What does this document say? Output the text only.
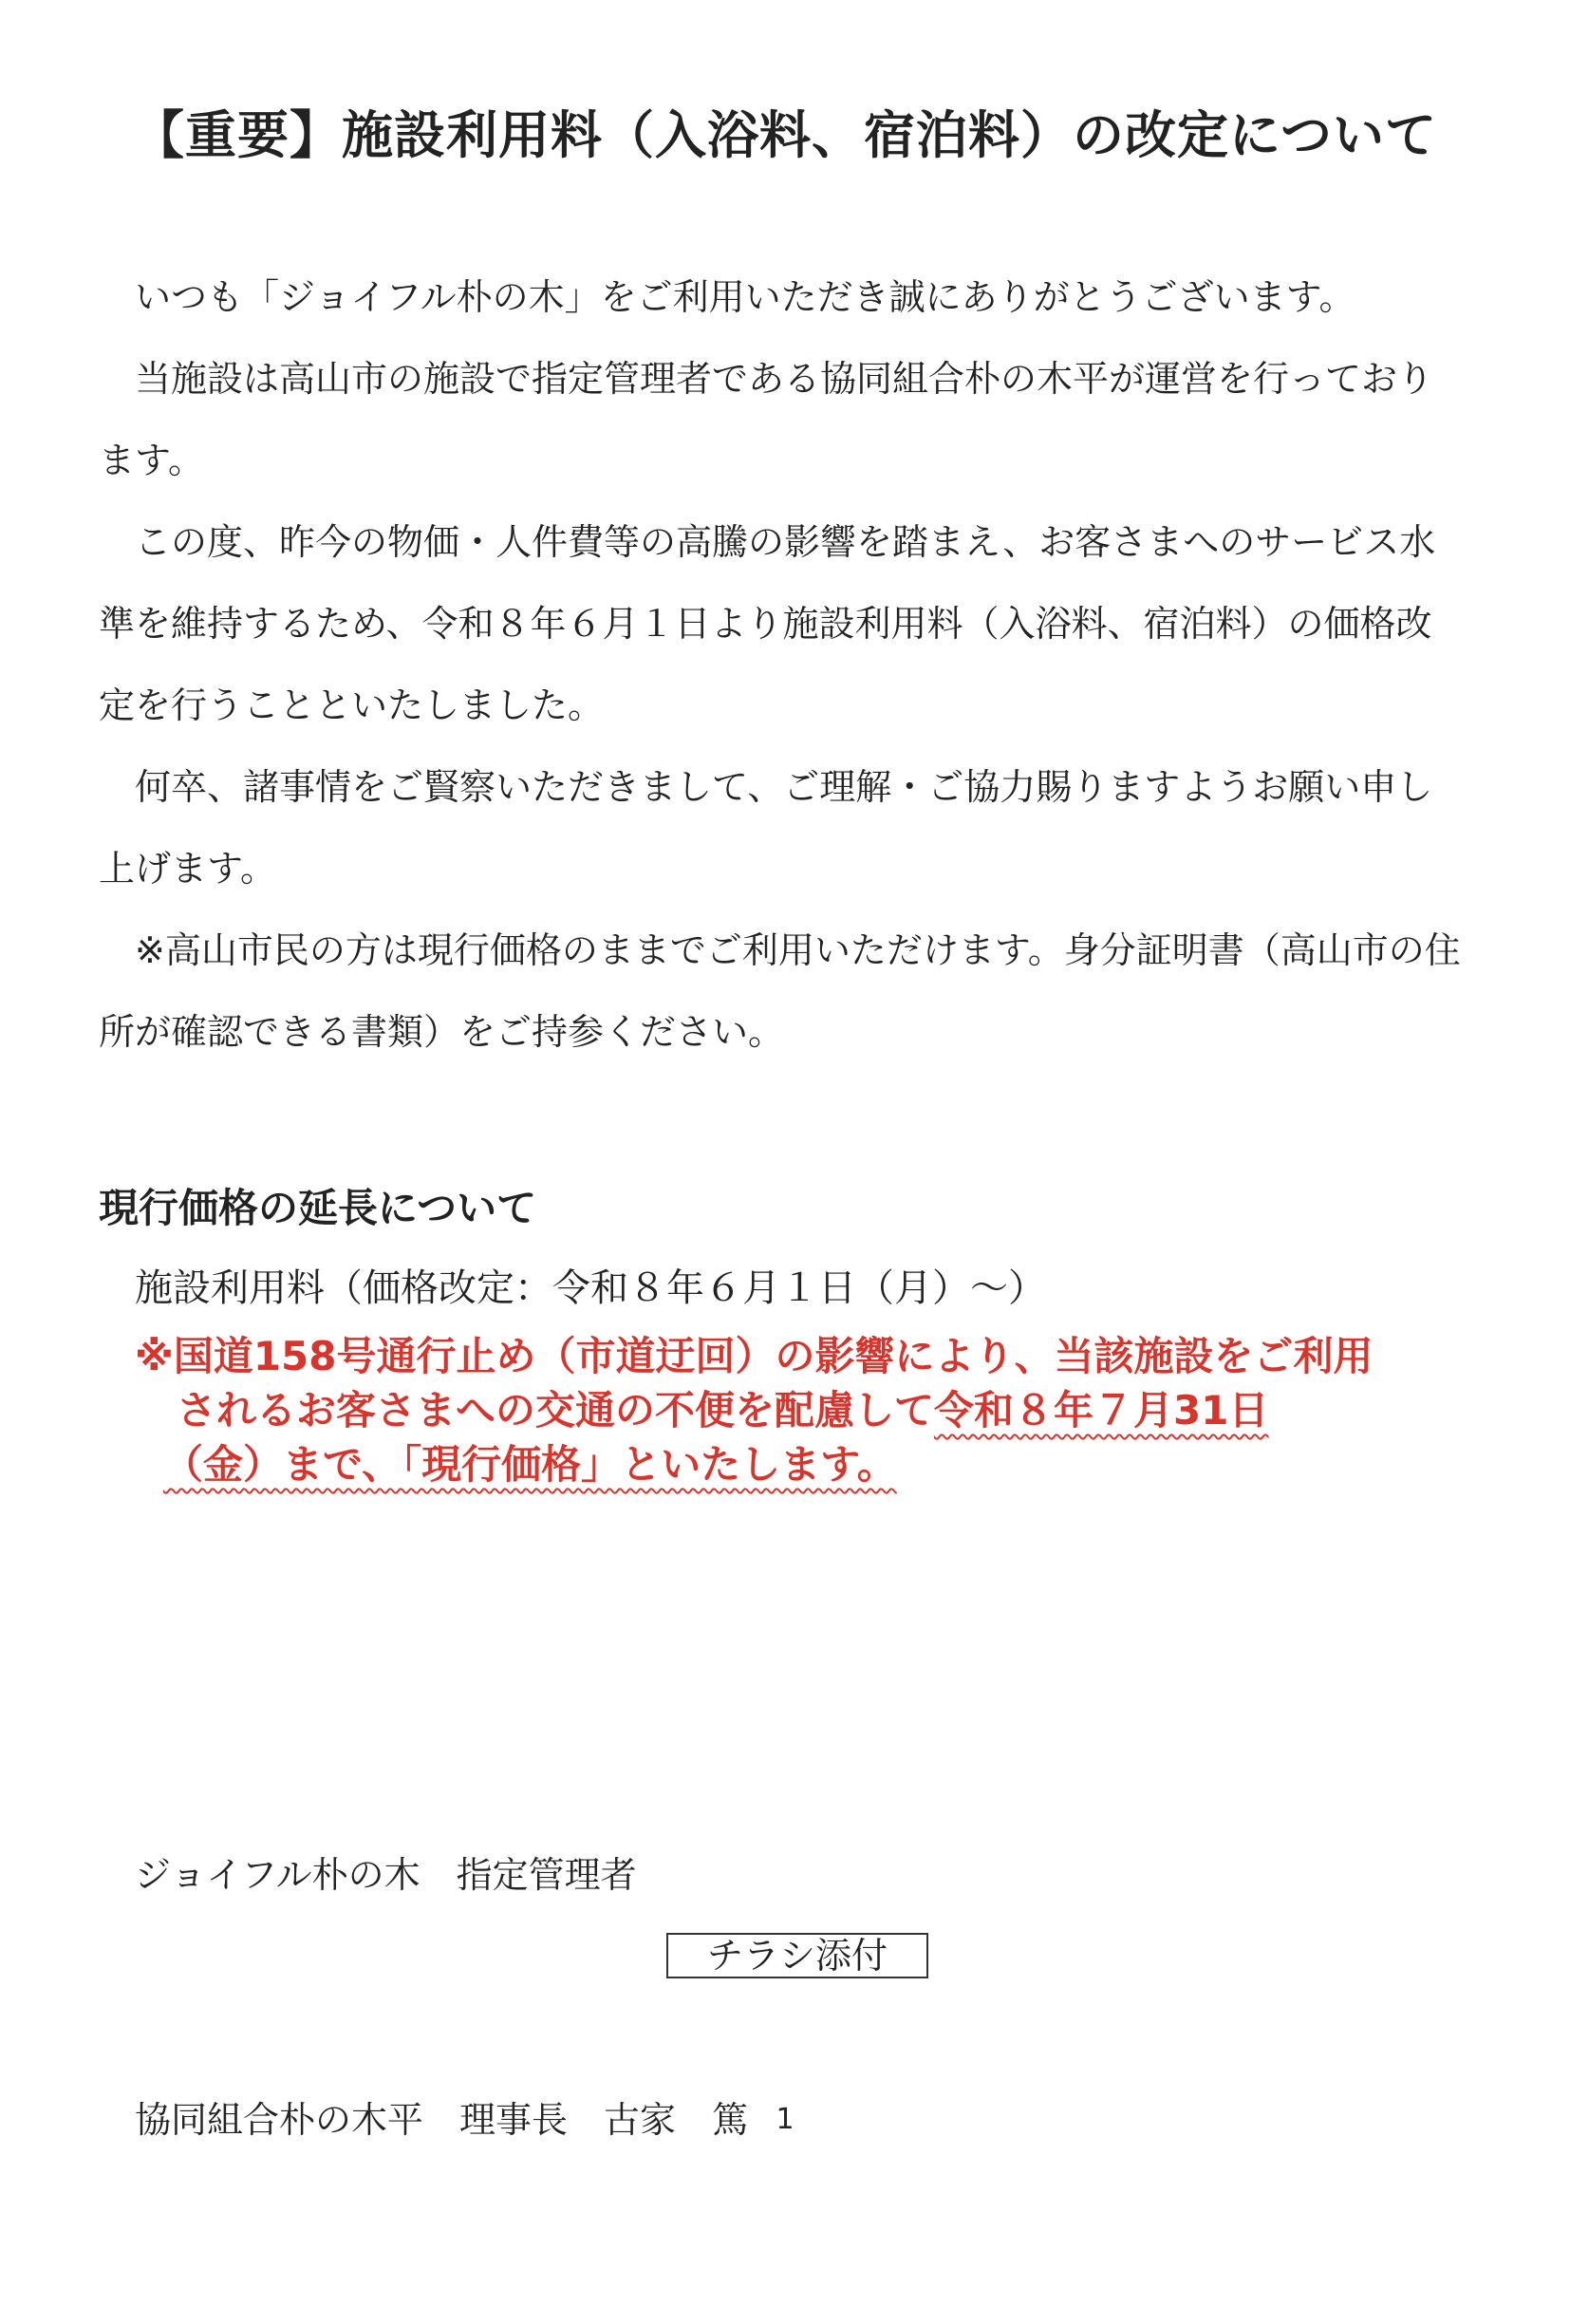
【重要】施設利用料（入浴料、宿泊料）の改定について

いつも「ジョイフル朴の木」をご利用いただき誠にありがとうございます。

当施設は高山市の施設で指定管理者である協同組合朴の木平が運営を行っております。

この度、昨今の物価・人件費等の高騰の影響を踏まえ、お客さまへのサービス水準を維持するため、令和８年６月１日より施設利用料（入浴料、宿泊料）の価格改定を行うことといたしました。

何卒、諸事情をご賢察いただきまして、ご理解・ご協力賜りますようお願い申し上げます。

※高山市民の方は現行価格のままでご利用いただけます。身分証明書（高山市の住所が確認できる書類）をご持参ください。

現行価格の延長について
施設利用料（価格改定：令和８年６月１日（月）～）
※国道158号通行止め（市道迂回）の影響により、当該施設をご利用
されるお客さまへの交通の不便を配慮して令和８年７月31日
（金）まで、「現行価格」といたします。

ジョイフル朴の木　指定管理者

協同組合朴の木平　理事長　古家　篤

チラシ添付
1
